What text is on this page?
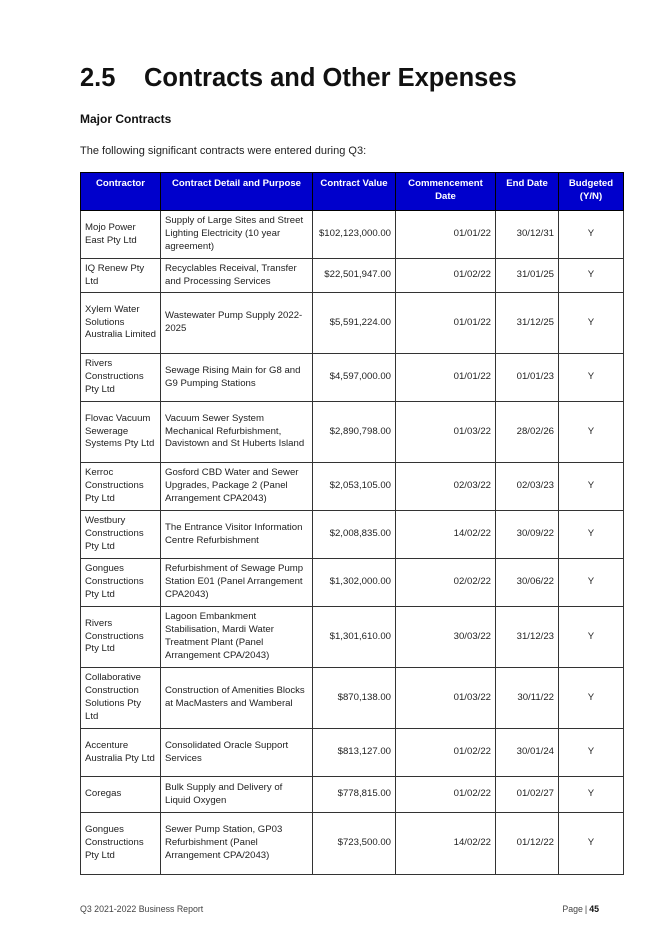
2.5 Contracts and Other Expenses
Major Contracts

The following significant contracts were entered during Q3:

Contractor	Contract Detail and Purpose	Contract Value	Commencement Date	End Date	Budgeted (Y/N)
Mojo Power East Pty Ltd	Supply of Large Sites and Street Lighting Electricity (10 year agreement)	$102,123,000.00	01/01/22	30/12/31	Y
IQ Renew Pty Ltd	Recyclables Receival, Transfer and Processing Services	$22,501,947.00	01/02/22	31/01/25	Y
Xylem Water Solutions Australia Limited	Wastewater Pump Supply 2022-2025	$5,591,224.00	01/01/22	31/12/25	Y
Rivers Constructions Pty Ltd	Sewage Rising Main for G8 and G9 Pumping Stations	$4,597,000.00	01/01/22	01/01/23	Y
Flovac Vacuum Sewerage Systems Pty Ltd	Vacuum Sewer System Mechanical Refurbishment, Davistown and St Huberts Island	$2,890,798.00	01/03/22	28/02/26	Y
Kerroc Constructions Pty Ltd	Gosford CBD Water and Sewer Upgrades, Package 2 (Panel Arrangement CPA2043)	$2,053,105.00	02/03/22	02/03/23	Y
Westbury Constructions Pty Ltd	The Entrance Visitor Information Centre Refurbishment	$2,008,835.00	14/02/22	30/09/22	Y
Gongues Constructions Pty Ltd	Refurbishment of Sewage Pump Station E01 (Panel Arrangement CPA2043)	$1,302,000.00	02/02/22	30/06/22	Y
Rivers Constructions Pty Ltd	Lagoon Embankment Stabilisation, Mardi Water Treatment Plant (Panel Arrangement CPA/2043)	$1,301,610.00	30/03/22	31/12/23	Y
Collaborative Construction Solutions Pty Ltd	Construction of Amenities Blocks at MacMasters and Wamberal	$870,138.00	01/03/22	30/11/22	Y
Accenture Australia Pty Ltd	Consolidated Oracle Support Services	$813,127.00	01/02/22	30/01/24	Y
Coregas	Bulk Supply and Delivery of Liquid Oxygen	$778,815.00	01/02/22	01/02/27	Y
Gongues Constructions Pty Ltd	Sewer Pump Station, GP03 Refurbishment (Panel Arrangement CPA/2043)	$723,500.00	14/02/22	01/12/22	Y
Q3 2021-2022 Business Report	Page | 45
